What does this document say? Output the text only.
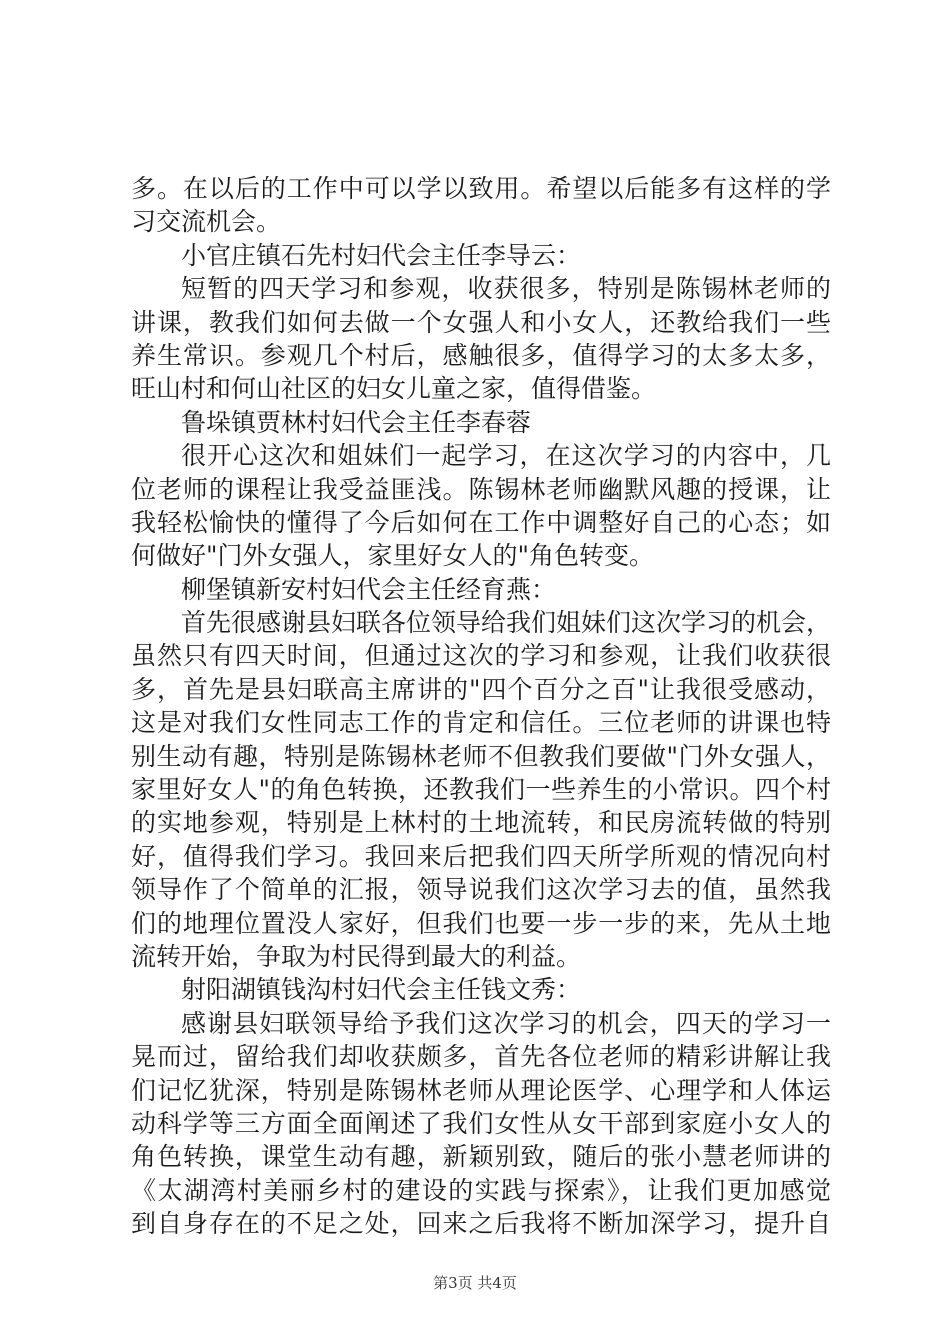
多。在以后的工作中可以学以致用。希望以后能多有这样的学
习交流机会。
小官庄镇石先村妇代会主任李导云：
短暂的四天学习和参观，收获很多，特别是陈锡林老师的
讲课，教我们如何去做一个女强人和小女人，还教给我们一些
养生常识。参观几个村后，感触很多，值得学习的太多太多，
旺山村和何山社区的妇女儿童之家，值得借鉴。
鲁垛镇贾林村妇代会主任李春蓉
很开心这次和姐妹们一起学习，在这次学习的内容中，几
位老师的课程让我受益匪浅。陈锡林老师幽默风趣的授课，让
我轻松愉快的懂得了今后如何在工作中调整好自己的心态；如
何做好"门外女强人，家里好女人的"角色转变。
柳堡镇新安村妇代会主任经育燕：
首先很感谢县妇联各位领导给我们姐妹们这次学习的机会，
虽然只有四天时间，但通过这次的学习和参观，让我们收获很
多，首先是县妇联高主席讲的"四个百分之百"让我很受感动，
这是对我们女性同志工作的肯定和信任。三位老师的讲课也特
别生动有趣，特别是陈锡林老师不但教我们要做"门外女强人，
家里好女人"的角色转换，还教我们一些养生的小常识。四个村
的实地参观，特别是上林村的土地流转，和民房流转做的特别
好，值得我们学习。我回来后把我们四天所学所观的情况向村
领导作了个简单的汇报，领导说我们这次学习去的值，虽然我
们的地理位置没人家好，但我们也要一步一步的来，先从土地
流转开始，争取为村民得到最大的利益。
射阳湖镇钱沟村妇代会主任钱文秀：
感谢县妇联领导给予我们这次学习的机会，四天的学习一
晃而过，留给我们却收获颇多，首先各位老师的精彩讲解让我
们记忆犹深，特别是陈锡林老师从理论医学、心理学和人体运
动科学等三方面全面阐述了我们女性从女干部到家庭小女人的
角色转换，课堂生动有趣，新颖别致，随后的张小慧老师讲的
《太湖湾村美丽乡村的建设的实践与探索》，让我们更加感觉
到自身存在的不足之处，回来之后我将不断加深学习，提升自
第3页 共4页
